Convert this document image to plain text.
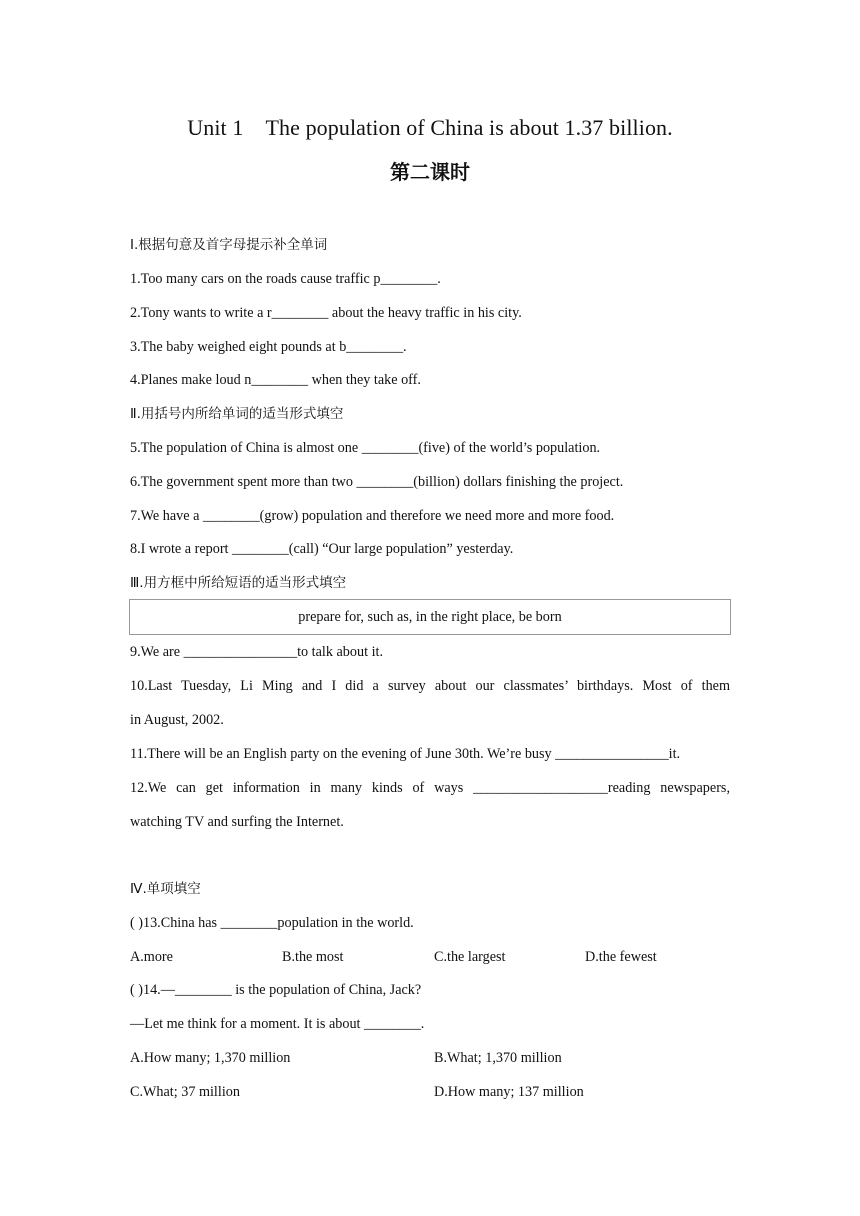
Unit 1 The population of China is about 1.37 billion.
第二课时
Ⅰ.根据句意及首字母提示补全单词
1.Too many cars on the roads cause traffic p________.
2.Tony wants to write a r________ about the heavy traffic in his city.
3.The baby weighed eight pounds at b________.
4.Planes make loud n________ when they take off.
Ⅱ.用括号内所给单词的适当形式填空
5.The population of China is almost one ________(five) of the world’s population.
6.The government spent more than two ________(billion) dollars finishing the project.
7.We have a ________(grow) population and therefore we need more and more food.
8.I wrote a report ________(call) “Our large population” yesterday.
Ⅲ.用方框中所给短语的适当形式填空
prepare for, such as, in the right place, be born
9.We are ________________to talk about it.
10.Last Tuesday, Li Ming and I did a survey about our classmates’ birthdays. Most of them
in August, 2002.
11.There will be an English party on the evening of June 30th. We’re busy ________________it.
12.We can get information in many kinds of ways ___________________reading newspapers,
watching TV and surfing the Internet.
Ⅳ.单项填空
( )13.China has ________population in the world.
A.more	B.the most	C.the largest	D.the fewest
( )14.—________ is the population of China, Jack?
—Let me think for a moment. It is about ________.
A.How many; 1,370 million	B.What; 1,370 million
C.What; 37 million	D.How many; 137 million
